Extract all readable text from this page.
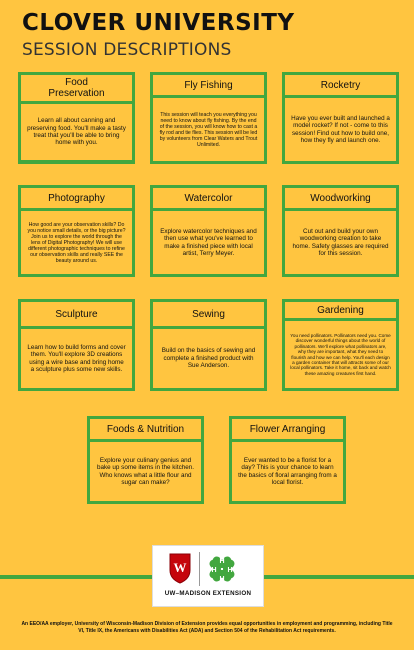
CLOVER UNIVERSITY
SESSION DESCRIPTIONS
Food
Preservation
Learn all about canning and preserving food. You'll make a tasty treat that you'll be able to bring home with you.
Fly Fishing
This session will teach you everything you need to know about fly fishing. By the end of the session, you will know how to cast a fly rod and tie flies. This session will be led by volunteers from Clear Waters and Trout Unlimited.
Rocketry
Have you ever built and launched a model rocket? If not - come to this session! Find out how to build one, how they fly and launch one.
Photography
How good are your observation skills? Do you notice small details, or the big picture? Join us to explore the world through the lens of Digital Photography! We will use different photographic techniques to refine our observation skills and really SEE the beauty around us.
Watercolor
Explore watercolor techniques and then use what you've learned to make a finished piece with local artist, Terry Meyer.
Woodworking
Cut out and build your own woodworking creation to take home. Safety glasses are required for this session.
Sculpture
Learn how to build forms and cover them. You'll explore 3D creations using a wire base and bring home a sculpture plus some new skills.
Sewing
Build on the basics of sewing and complete a finished product with Sue Anderson.
Gardening
You need pollinators. Pollinators need you. Come discover wonderful things about the world of pollinators. We'll explore what pollinators are, why they are important, what they need to flourish and how we can help. You'll each design a garden container that will attracts some of our local pollinators. Take it home, sit back and watch these amazing creatures first hand.
Foods & Nutrition
Explore your culinary genius and bake up some items in the kitchen. Who knows what a little flour and sugar can make?
Flower Arranging
Ever wanted to be a florist for a day? This is your chance to learn the basics of floral arranging from a local florist.
W	H
H
H H
UW–MADISON EXTENSION
An EEO/AA employer, University of Wisconsin-Madison Division of Extension provides equal opportunities in employment and programming, including Title VI, Title IX, the Americans with Disabilities Act (ADA) and Section 504 of the Rehabilitation Act requirements.
